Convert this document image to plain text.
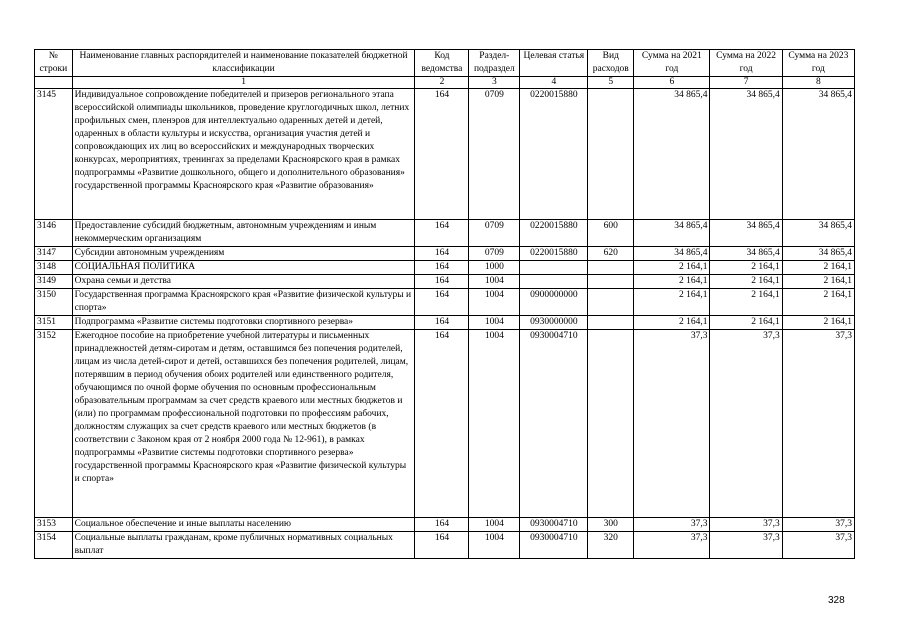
№ строки	Наименование главных распорядителей и наименование показателей бюджетной классификации	Код ведомства	Раздел-подраздел	Целевая статья	Вид расходов	Сумма на 2021 год	Сумма на 2022 год	Сумма на 2023 год
	1	2	3	4	5	6	7	8
3145	Индивидуальное сопровождение победителей и призеров регионального этапа всероссийской олимпиады школьников, проведение круглогодичных школ, летних профильных смен, пленэров для интеллектуально одаренных детей и детей, одаренных в области культуры и искусства, организация участия детей и сопровождающих их лиц во всероссийских и международных творческих конкурсах, мероприятиях, тренингах за пределами Красноярского края в рамках подпрограммы «Развитие дошкольного, общего и дополнительного образования» государственной программы Красноярского края «Развитие образования»	164	0709	0220015880		34 865,4	34 865,4	34 865,4
3146	Предоставление субсидий бюджетным, автономным учреждениям и иным некоммерческим организациям	164	0709	0220015880	600	34 865,4	34 865,4	34 865,4
3147	Субсидии автономным учреждениям	164	0709	0220015880	620	34 865,4	34 865,4	34 865,4
3148	СОЦИАЛЬНАЯ ПОЛИТИКА	164	1000			2 164,1	2 164,1	2 164,1
3149	Охрана семьи и детства	164	1004			2 164,1	2 164,1	2 164,1
3150	Государственная программа Красноярского края «Развитие физической культуры и спорта»	164	1004	0900000000		2 164,1	2 164,1	2 164,1
3151	Подпрограмма «Развитие системы подготовки спортивного резерва»	164	1004	0930000000		2 164,1	2 164,1	2 164,1
3152	Ежегодное пособие на приобретение учебной литературы и письменных принадлежностей детям-сиротам и детям, оставшимся без попечения родителей, лицам из числа детей-сирот и детей, оставшихся без попечения родителей, лицам, потерявшим в период обучения обоих родителей или единственного родителя, обучающимся по очной форме обучения по основным профессиональным образовательным программам за счет средств краевого или местных бюджетов и (или) по программам профессиональной подготовки по профессиям рабочих, должностям служащих за счет средств краевого или местных бюджетов (в соответствии с Законом края от 2 ноября 2000 года № 12-961), в рамках подпрограммы «Развитие системы подготовки спортивного резерва» государственной программы Красноярского края «Развитие физической культуры и спорта»	164	1004	0930004710		37,3	37,3	37,3
3153	Социальное обеспечение и иные выплаты населению	164	1004	0930004710	300	37,3	37,3	37,3
3154	Социальные выплаты гражданам, кроме публичных нормативных социальных выплат	164	1004	0930004710	320	37,3	37,3	37,3
328
